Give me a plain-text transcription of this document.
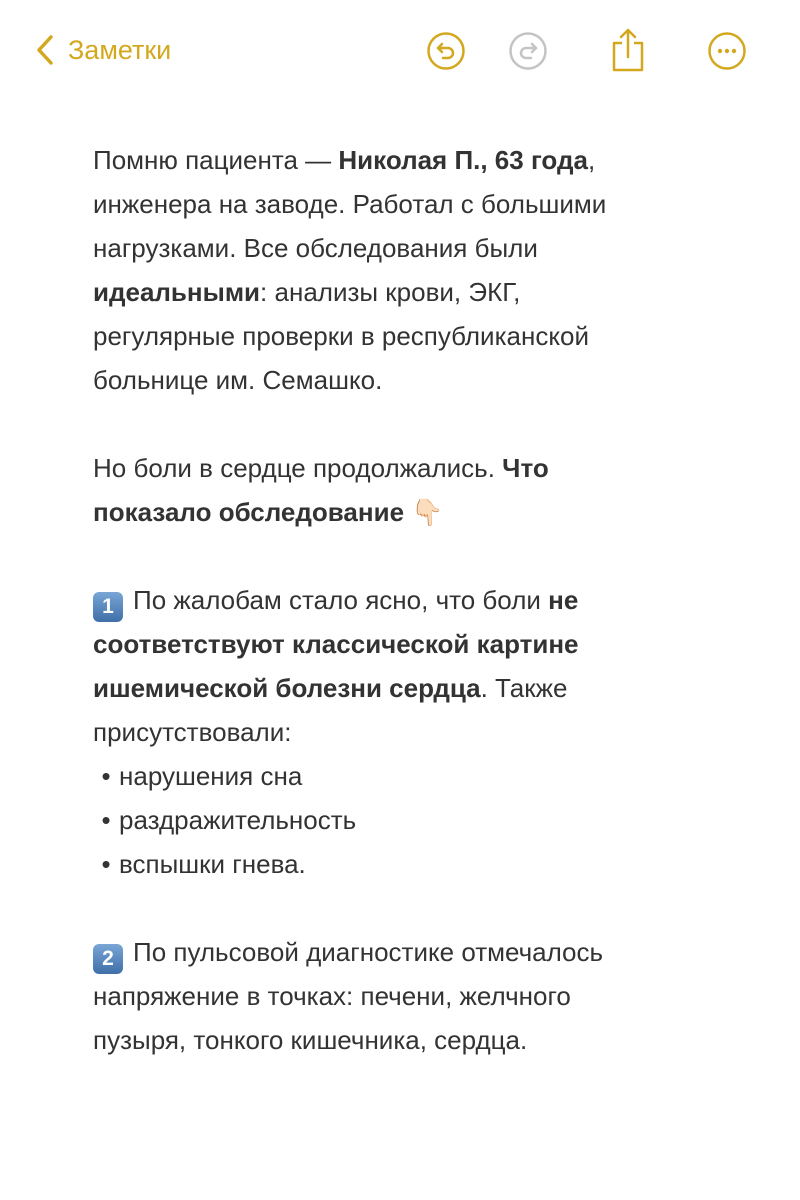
Заметки
Помню пациента — Николая П., 63 года,
инженера на заводе. Работал с большими
нагрузками. Все обследования были
идеальными: анализы крови, ЭКГ,
регулярные проверки в республиканской
больнице им. Семашко.
Но боли в сердце продолжались. Что
показало обследование 👇🏻
1 По жалобам стало ясно, что боли не
соответствуют классической картине
ишемической болезни сердца. Также
присутствовали:
• нарушения сна
• раздражительность
• вспышки гнева.
2 По пульсовой диагностике отмечалось
напряжение в точках: печени, желчного
пузыря, тонкого кишечника, сердца.
